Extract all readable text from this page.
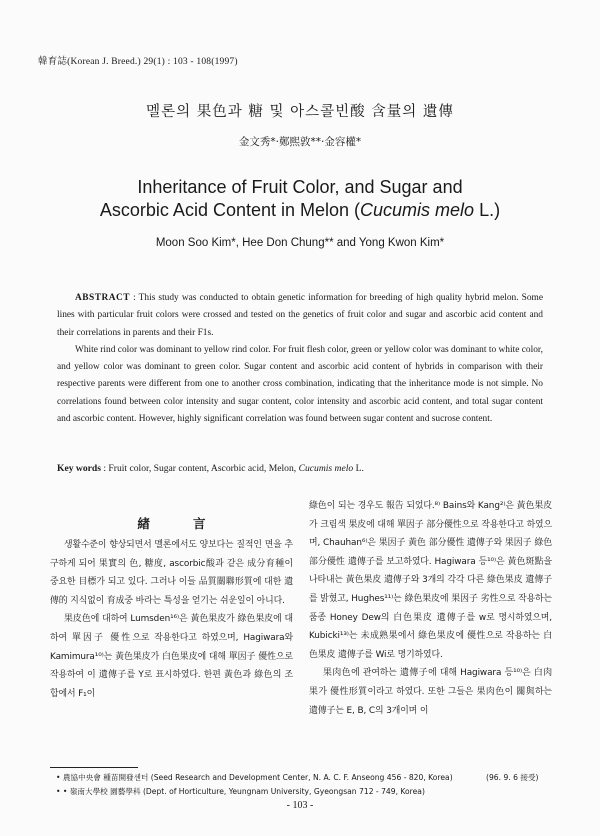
韓育誌(Korean J. Breed.) 29(1) : 103 - 108(1997)
멜론의 果色과 糖 및 아스콜빈酸 含量의 遺傳
金文秀*·鄭熙敦**·金容權*
Inheritance of Fruit Color, and Sugar and
Ascorbic Acid Content in Melon (Cucumis melo L.)
Moon Soo Kim*, Hee Don Chung** and Yong Kwon Kim*

ABSTRACT : This study was conducted to obtain genetic information for breeding of high quality hybrid melon. Some lines with particular fruit colors were crossed and tested on the genetics of fruit color and sugar and ascorbic acid content and their correlations in parents and their F1s.

White rind color was dominant to yellow rind color. For fruit flesh color, green or yellow color was dominant to white color, and yellow color was dominant to green color. Sugar content and ascorbic acid content of hybrids in comparison with their respective parents were different from one to another cross combination, indicating that the inheritance mode is not simple. No correlations found between color intensity and sugar content, color intensity and ascorbic acid content, and total sugar content and ascorbic content. However, highly significant correlation was found between sugar content and sucrose content.

Key words : Fruit color, Sugar content, Ascorbic acid, Melon, Cucumis melo L.
緖 言

생활수준이 향상되면서 멜론에서도 양보다는 질적인 면을 추구하게 되어 果實의 色, 糖度, ascorbic酸과 같은 成分育種이 중요한 目標가 되고 있다. 그러나 이들 品質關聯形質에 대한 遺傳的 지식없이 育成중 바라는 특성을 얻기는 쉬운일이 아니다.

果皮色에 대하여 Lumsden¹⁶⁾은 黃色果皮가 綠色果皮에 대하여 單因子 優性으로 작용한다고 하였으며, Hagiwara와 Kamimura¹⁰⁾는 黃色果皮가 白色果皮에 대해 單因子 優性으로 작용하여 이 遺傳子를 Y로 표시하였다. 한편 黃色과 綠色의 조합에서 F₁이

綠色이 되는 경우도 報告 되었다.⁸⁾ Bains와 Kang²⁾은 黃色果皮가 크림색 果皮에 대해 單因子 部分優性으로 작용한다고 하였으며, Chauhan⁶⁾은 果因子 黃色 部分優性 遺傳子와 果因子 綠色 部分優性 遺傳子를 보고하였다. Hagiwara 등¹⁰⁾은 黃色斑點을 나타내는 黃色果皮 遺傳子와 3개의 각각 다른 綠色果皮 遺傳子를 밝혔고, Hughes¹¹⁾는 綠色果皮에 果因子 劣性으로 작용하는 품종 Honey Dew의 白色果皮 遺傳子를 w로 명시하였으며, Kubicki¹³⁾는 未成熟果에서 綠色果皮에 優性으로 작용하는 白色果皮 遺傳子를 Wi로 명기하였다.

果肉色에 관여하는 遺傳子에 대해 Hagiwara 등¹⁰⁾은 白肉果가 優性形質이라고 하였다. 또한 그들은 果肉色이 關與하는 遺傳子는 E, B, C의 3개이며 이

• 農協中央會 種苗開發센터 (Seed Research and Development Center, N. A. C. F. Anseong 456 - 820, Korea)	(96. 9. 6 接受)
• • 嶺南大學校 園藝學科 (Dept. of Horticulture, Yeungnam University, Gyeongsan 712 - 749, Korea)
- 103 -
